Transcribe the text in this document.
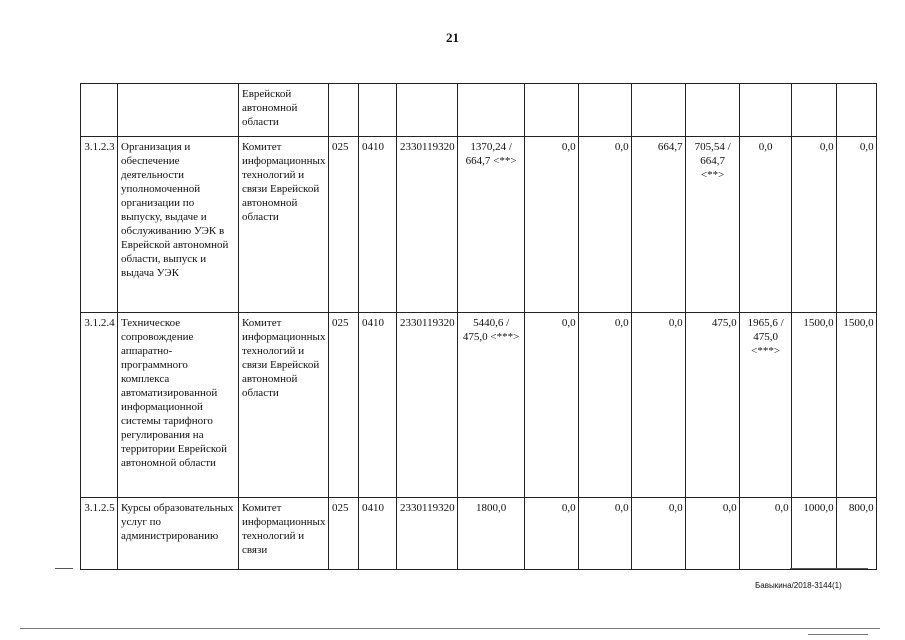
21
		Еврейской автономной области											
3.1.2.3	Организация и обеспечение деятельности уполномоченной организации по выпуску, выдаче и обслуживанию УЭК в Еврейской автономной области, выпуск и выдача УЭК	Комитет информационных технологий и связи Еврейской автономной области	025	0410	2330119320	1370,24 / 664,7 <**>	0,0	0,0	664,7	705,54 / 664,7 <**>	0,0	0,0	0,0
3.1.2.4	Техническое сопровождение аппаратно-программного комплекса автоматизированной информационной системы тарифного регулирования на территории Еврейской автономной области	Комитет информационных технологий и связи Еврейской автономной области	025	0410	2330119320	5440,6 / 475,0 <***>	0,0	0,0	0,0	475,0	1965,6 / 475,0 <***>	1500,0	1500,0
3.1.2.5	Курсы образовательных услуг по администрированию	Комитет информационных технологий и связи	025	0410	2330119320	1800,0	0,0	0,0	0,0	0,0	0,0	1000,0	800,0
Бавыкина/2018-3144(1)
